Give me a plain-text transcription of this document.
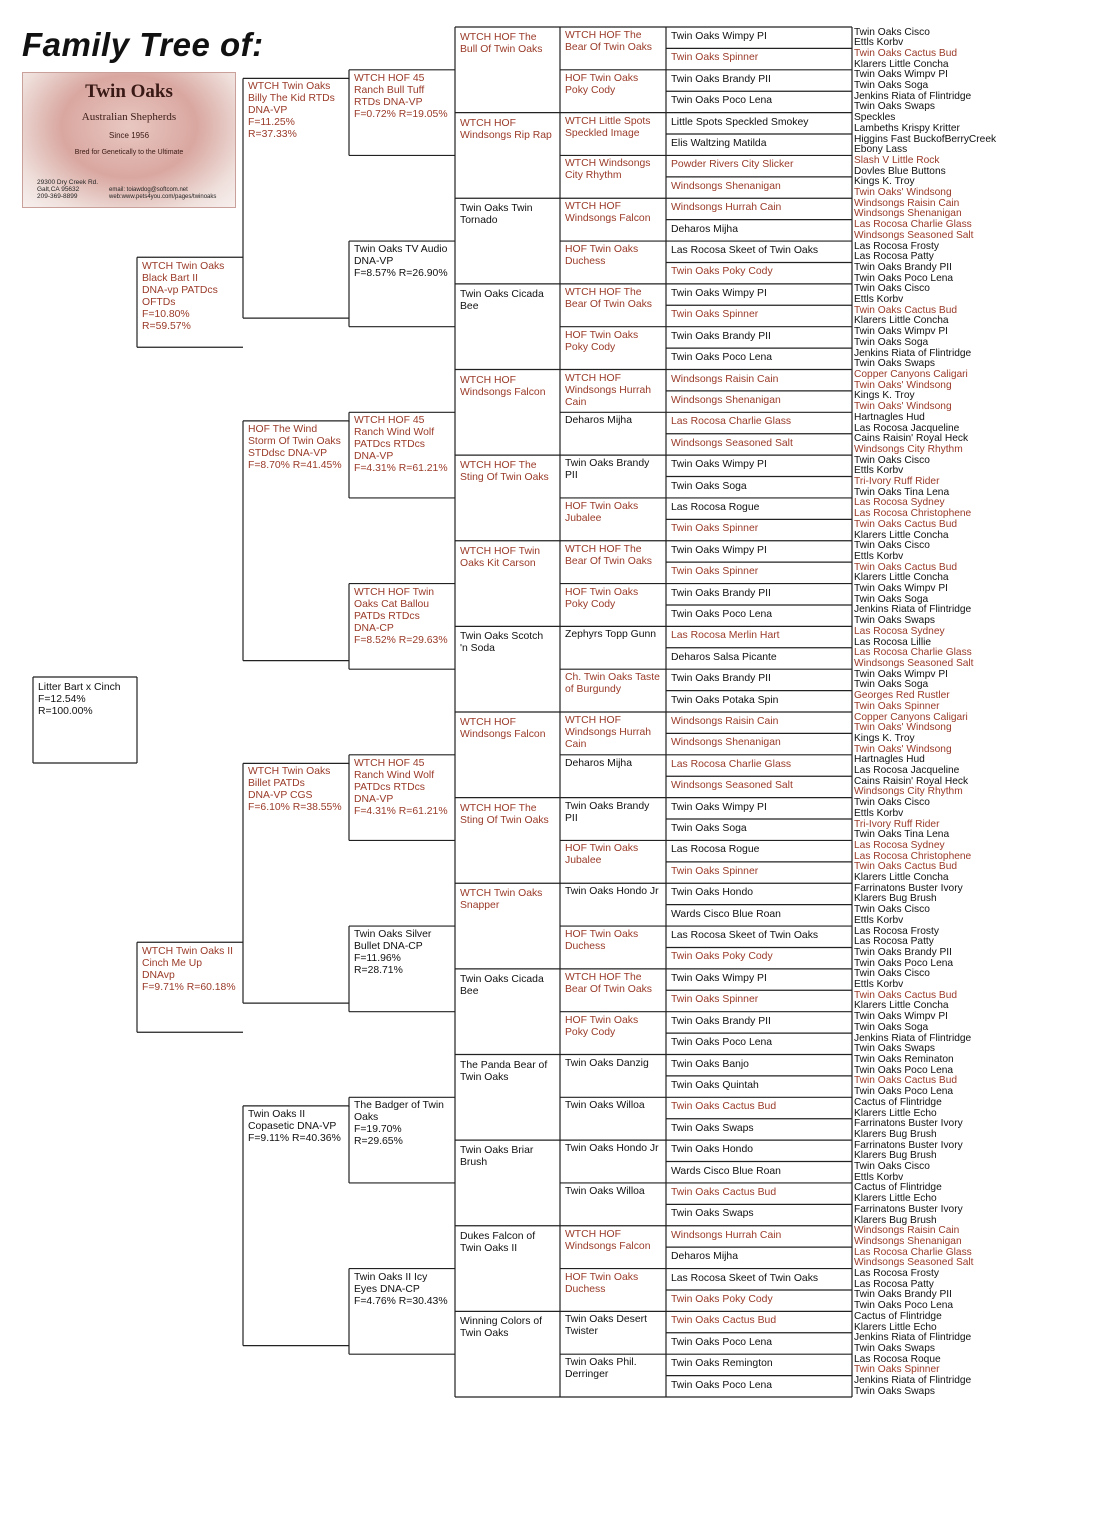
Family Tree of:
Twin Oaks
Australian Shepherds
Since 1956
Bred for Genetically to the Ultimate
29300 Dry Creek Rd.
Galt,CA 95632
209-369-8899
email: toiawdog@softcom.net
web:www.pets4you.com/pages/twinoaks
Twin Oaks Wimpy PI
Twin Oaks Spinner
Twin Oaks Brandy PII
Twin Oaks Poco Lena
Little Spots Speckled Smokey
Elis Waltzing Matilda
Powder Rivers City Slicker
Windsongs Shenanigan
Windsongs Hurrah Cain
Deharos Mijha
Las Rocosa Skeet of Twin Oaks
Twin Oaks Poky Cody
Twin Oaks Wimpy PI
Twin Oaks Spinner
Twin Oaks Brandy PII
Twin Oaks Poco Lena
Windsongs Raisin Cain
Windsongs Shenanigan
Las Rocosa Charlie Glass
Windsongs Seasoned Salt
Twin Oaks Wimpy PI
Twin Oaks Soga
Las Rocosa Rogue
Twin Oaks Spinner
Twin Oaks Wimpy PI
Twin Oaks Spinner
Twin Oaks Brandy PII
Twin Oaks Poco Lena
Las Rocosa Merlin Hart
Deharos Salsa Picante
Twin Oaks Brandy PII
Twin Oaks Potaka Spin
Windsongs Raisin Cain
Windsongs Shenanigan
Las Rocosa Charlie Glass
Windsongs Seasoned Salt
Twin Oaks Wimpy PI
Twin Oaks Soga
Las Rocosa Rogue
Twin Oaks Spinner
Twin Oaks Hondo
Wards Cisco Blue Roan
Las Rocosa Skeet of Twin Oaks
Twin Oaks Poky Cody
Twin Oaks Wimpy PI
Twin Oaks Spinner
Twin Oaks Brandy PII
Twin Oaks Poco Lena
Twin Oaks Banjo
Twin Oaks Quintah
Twin Oaks Cactus Bud
Twin Oaks Swaps
Twin Oaks Hondo
Wards Cisco Blue Roan
Twin Oaks Cactus Bud
Twin Oaks Swaps
Windsongs Hurrah Cain
Deharos Mijha
Las Rocosa Skeet of Twin Oaks
Twin Oaks Poky Cody
Twin Oaks Cactus Bud
Twin Oaks Poco Lena
Twin Oaks Remington
Twin Oaks Poco Lena
WTCH HOF The
Bear Of Twin Oaks
HOF Twin Oaks
Poky Cody
WTCH Little Spots
Speckled Image
WTCH Windsongs
City Rhythm
WTCH HOF
Windsongs Falcon
HOF Twin Oaks
Duchess
WTCH HOF The
Bear Of Twin Oaks
HOF Twin Oaks
Poky Cody
WTCH HOF
Windsongs Hurrah
Cain
Deharos Mijha
Twin Oaks Brandy
PII
HOF Twin Oaks
Jubalee
WTCH HOF The
Bear Of Twin Oaks
HOF Twin Oaks
Poky Cody
Zephyrs Topp Gunn
Ch. Twin Oaks Taste
of Burgundy
WTCH HOF
Windsongs Hurrah
Cain
Deharos Mijha
Twin Oaks Brandy
PII
HOF Twin Oaks
Jubalee
Twin Oaks Hondo Jr
HOF Twin Oaks
Duchess
WTCH HOF The
Bear Of Twin Oaks
HOF Twin Oaks
Poky Cody
Twin Oaks Danzig
Twin Oaks Willoa
Twin Oaks Hondo Jr
Twin Oaks Willoa
WTCH HOF
Windsongs Falcon
HOF Twin Oaks
Duchess
Twin Oaks Desert
Twister
Twin Oaks Phil.
Derringer
WTCH HOF The
Bull Of Twin Oaks
WTCH HOF
Windsongs Rip Rap
Twin Oaks Twin
Tornado
Twin Oaks Cicada
Bee
WTCH HOF
Windsongs Falcon
WTCH HOF The
Sting Of Twin Oaks
WTCH HOF Twin
Oaks Kit Carson
Twin Oaks Scotch
'n Soda
WTCH HOF
Windsongs Falcon
WTCH HOF The
Sting Of Twin Oaks
WTCH Twin Oaks
Snapper
Twin Oaks Cicada
Bee
The Panda Bear of
Twin Oaks
Twin Oaks Briar
Brush
Dukes Falcon of
Twin Oaks II
Winning Colors of
Twin Oaks
WTCH HOF 45
Ranch Bull Tuff
RTDs DNA-VP
F=0.72% R=19.05%
Twin Oaks TV Audio
DNA-VP
F=8.57% R=26.90%
WTCH HOF 45
Ranch Wind Wolf
PATDcs RTDcs
DNA-VP
F=4.31% R=61.21%
WTCH HOF Twin
Oaks Cat Ballou
PATDs RTDcs
DNA-CP
F=8.52% R=29.63%
WTCH HOF 45
Ranch Wind Wolf
PATDcs RTDcs
DNA-VP
F=4.31% R=61.21%
Twin Oaks Silver
Bullet DNA-CP
F=11.96%
R=28.71%
The Badger of Twin
Oaks
F=19.70%
R=29.65%
Twin Oaks II Icy
Eyes DNA-CP
F=4.76% R=30.43%
WTCH Twin Oaks
Billy The Kid RTDs
DNA-VP
F=11.25%
R=37.33%
HOF The Wind
Storm Of Twin Oaks
STDdsc DNA-VP
F=8.70% R=41.45%
WTCH Twin Oaks
Billet PATDs
DNA-VP CGS
F=6.10% R=38.55%
Twin Oaks II
Copasetic DNA-VP
F=9.11% R=40.36%
WTCH Twin Oaks
Black Bart II
DNA-vp PATDcs
OFTDs
F=10.80%
R=59.57%
WTCH Twin Oaks II
Cinch Me Up
DNAvp
F=9.71% R=60.18%
Litter Bart x Cinch
F=12.54%
R=100.00%
Twin Oaks Cisco
Ettls Korbv
Twin Oaks Cactus Bud
Klarers Little Concha
Twin Oaks Wimpv PI
Twin Oaks Soga
Jenkins Riata of Flintridge
Twin Oaks Swaps
Speckles
Lambeths Krispy Kritter
Higgins Fast BuckofBerryCreek
Ebony Lass
Slash V Little Rock
Dovles Blue Buttons
Kings K. Troy
Twin Oaks' Windsong
Windsongs Raisin Cain
Windsongs Shenanigan
Las Rocosa Charlie Glass
Windsongs Seasoned Salt
Las Rocosa Frosty
Las Rocosa Patty
Twin Oaks Brandy PII
Twin Oaks Poco Lena
Twin Oaks Cisco
Ettls Korbv
Twin Oaks Cactus Bud
Klarers Little Concha
Twin Oaks Wimpv PI
Twin Oaks Soga
Jenkins Riata of Flintridge
Twin Oaks Swaps
Copper Canyons Caligari
Twin Oaks' Windsong
Kings K. Troy
Twin Oaks' Windsong
Hartnagles Hud
Las Rocosa Jacqueline
Cains Raisin' Royal Heck
Windsongs City Rhythm
Twin Oaks Cisco
Ettls Korbv
Tri-Ivory Ruff Rider
Twin Oaks Tina Lena
Las Rocosa Sydney
Las Rocosa Christophene
Twin Oaks Cactus Bud
Klarers Little Concha
Twin Oaks Cisco
Ettls Korbv
Twin Oaks Cactus Bud
Klarers Little Concha
Twin Oaks Wimpv PI
Twin Oaks Soga
Jenkins Riata of Flintridge
Twin Oaks Swaps
Las Rocosa Sydney
Las Rocosa Lillie
Las Rocosa Charlie Glass
Windsongs Seasoned Salt
Twin Oaks Wimpv PI
Twin Oaks Soga
Georges Red Rustler
Twin Oaks Spinner
Copper Canyons Caligari
Twin Oaks' Windsong
Kings K. Troy
Twin Oaks' Windsong
Hartnagles Hud
Las Rocosa Jacqueline
Cains Raisin' Royal Heck
Windsongs City Rhythm
Twin Oaks Cisco
Ettls Korbv
Tri-Ivory Ruff Rider
Twin Oaks Tina Lena
Las Rocosa Sydney
Las Rocosa Christophene
Twin Oaks Cactus Bud
Klarers Little Concha
Farrinatons Buster Ivory
Klarers Bug Brush
Twin Oaks Cisco
Ettls Korbv
Las Rocosa Frosty
Las Rocosa Patty
Twin Oaks Brandy PII
Twin Oaks Poco Lena
Twin Oaks Cisco
Ettls Korbv
Twin Oaks Cactus Bud
Klarers Little Concha
Twin Oaks Wimpv PI
Twin Oaks Soga
Jenkins Riata of Flintridge
Twin Oaks Swaps
Twin Oaks Reminaton
Twin Oaks Poco Lena
Twin Oaks Cactus Bud
Twin Oaks Poco Lena
Cactus of Flintridge
Klarers Little Echo
Farrinatons Buster Ivory
Klarers Bug Brush
Farrinatons Buster Ivory
Klarers Bug Brush
Twin Oaks Cisco
Ettls Korbv
Cactus of Flintridge
Klarers Little Echo
Farrinatons Buster Ivory
Klarers Bug Brush
Windsongs Raisin Cain
Windsongs Shenanigan
Las Rocosa Charlie Glass
Windsongs Seasoned Salt
Las Rocosa Frosty
Las Rocosa Patty
Twin Oaks Brandy PII
Twin Oaks Poco Lena
Cactus of Flintridge
Klarers Little Echo
Jenkins Riata of Flintridge
Twin Oaks Swaps
Las Rocosa Roque
Twin Oaks Spinner
Jenkins Riata of Flintridge
Twin Oaks Swaps
